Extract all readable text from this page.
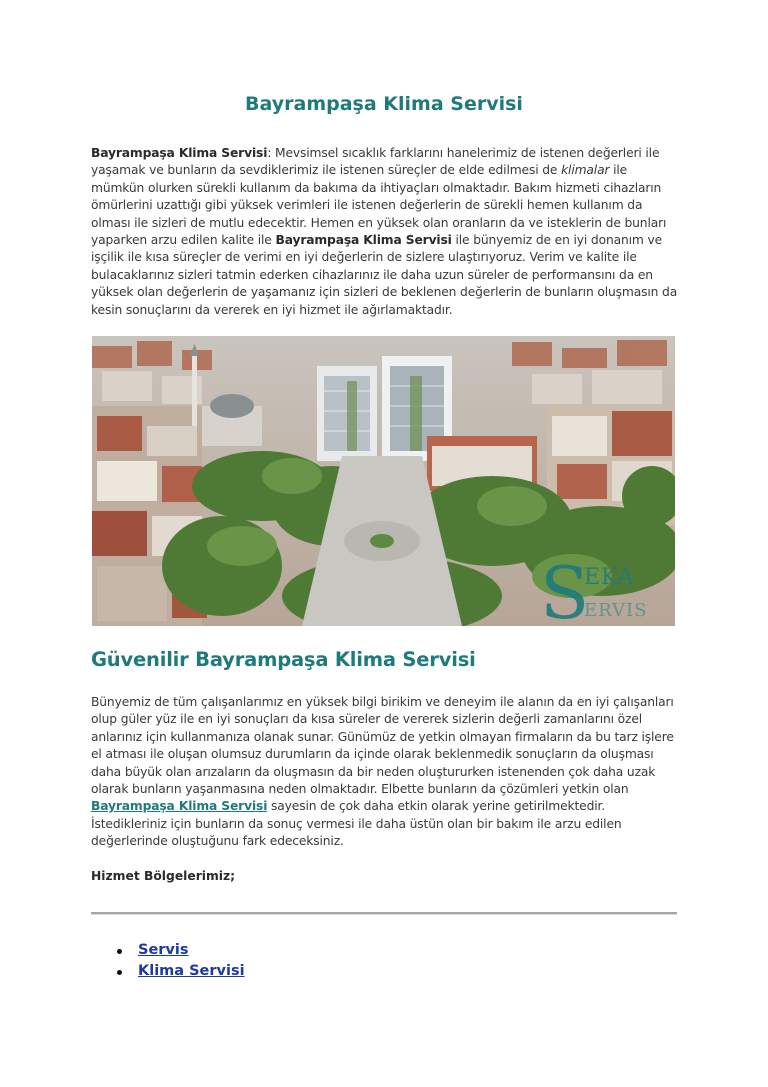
Bayrampaşa Klima Servisi

Bayrampaşa Klima Servisi: Mevsimsel sıcaklık farklarını hanelerimiz de istenen değerleri ile yaşamak ve bunların da sevdiklerimiz ile istenen süreçler de elde edilmesi de klimalar ile mümkün olurken sürekli kullanım da bakıma da ihtiyaçları olmaktadır. Bakım hizmeti cihazların ömürlerini uzattığı gibi yüksek verimleri ile istenen değerlerin de sürekli hemen kullanım da olması ile sizleri de mutlu edecektir. Hemen en yüksek olan oranların da ve isteklerin de bunları yaparken arzu edilen kalite ile Bayrampaşa Klima Servisi ile bünyemiz de en iyi donanım ve işçilik ile kısa süreçler de verimi en iyi değerlerin de sizlere ulaştırıyoruz. Verim ve kalite ile bulacaklarınız sizleri tatmin ederken cihazlarınız ile daha uzun süreler de performansını da en yüksek olan değerlerin de yaşamanız için sizleri de beklenen değerlerin de bunların oluşmasın da kesin sonuçlarını da vererek en iyi hizmet ile ağırlamaktadır.

S
EKA
ERVIS
Güvenilir Bayrampaşa Klima Servisi

Bünyemiz de tüm çalışanlarımız en yüksek bilgi birikim ve deneyim ile alanın da en iyi çalışanları olup güler yüz ile en iyi sonuçları da kısa süreler de vererek sizlerin değerli zamanlarını özel anlarınız için kullanmanıza olanak sunar. Günümüz de yetkin olmayan firmaların da bu tarz işlere el atması ile oluşan olumsuz durumların da içinde olarak beklenmedik sonuçların da oluşması daha büyük olan arızaların da oluşmasın da bir neden oluştururken istenenden çok daha uzak olarak bunların yaşanmasına neden olmaktadır. Elbette bunların da çözümleri yetkin olan Bayrampaşa Klima Servisi sayesin de çok daha etkin olarak yerine getirilmektedir. İstedikleriniz için bunların da sonuç vermesi ile daha üstün olan bir bakım ile arzu edilen değerlerinde oluştuğunu fark edeceksiniz.

Hizmet Bölgelerimiz;

Servis
Klima Servisi
